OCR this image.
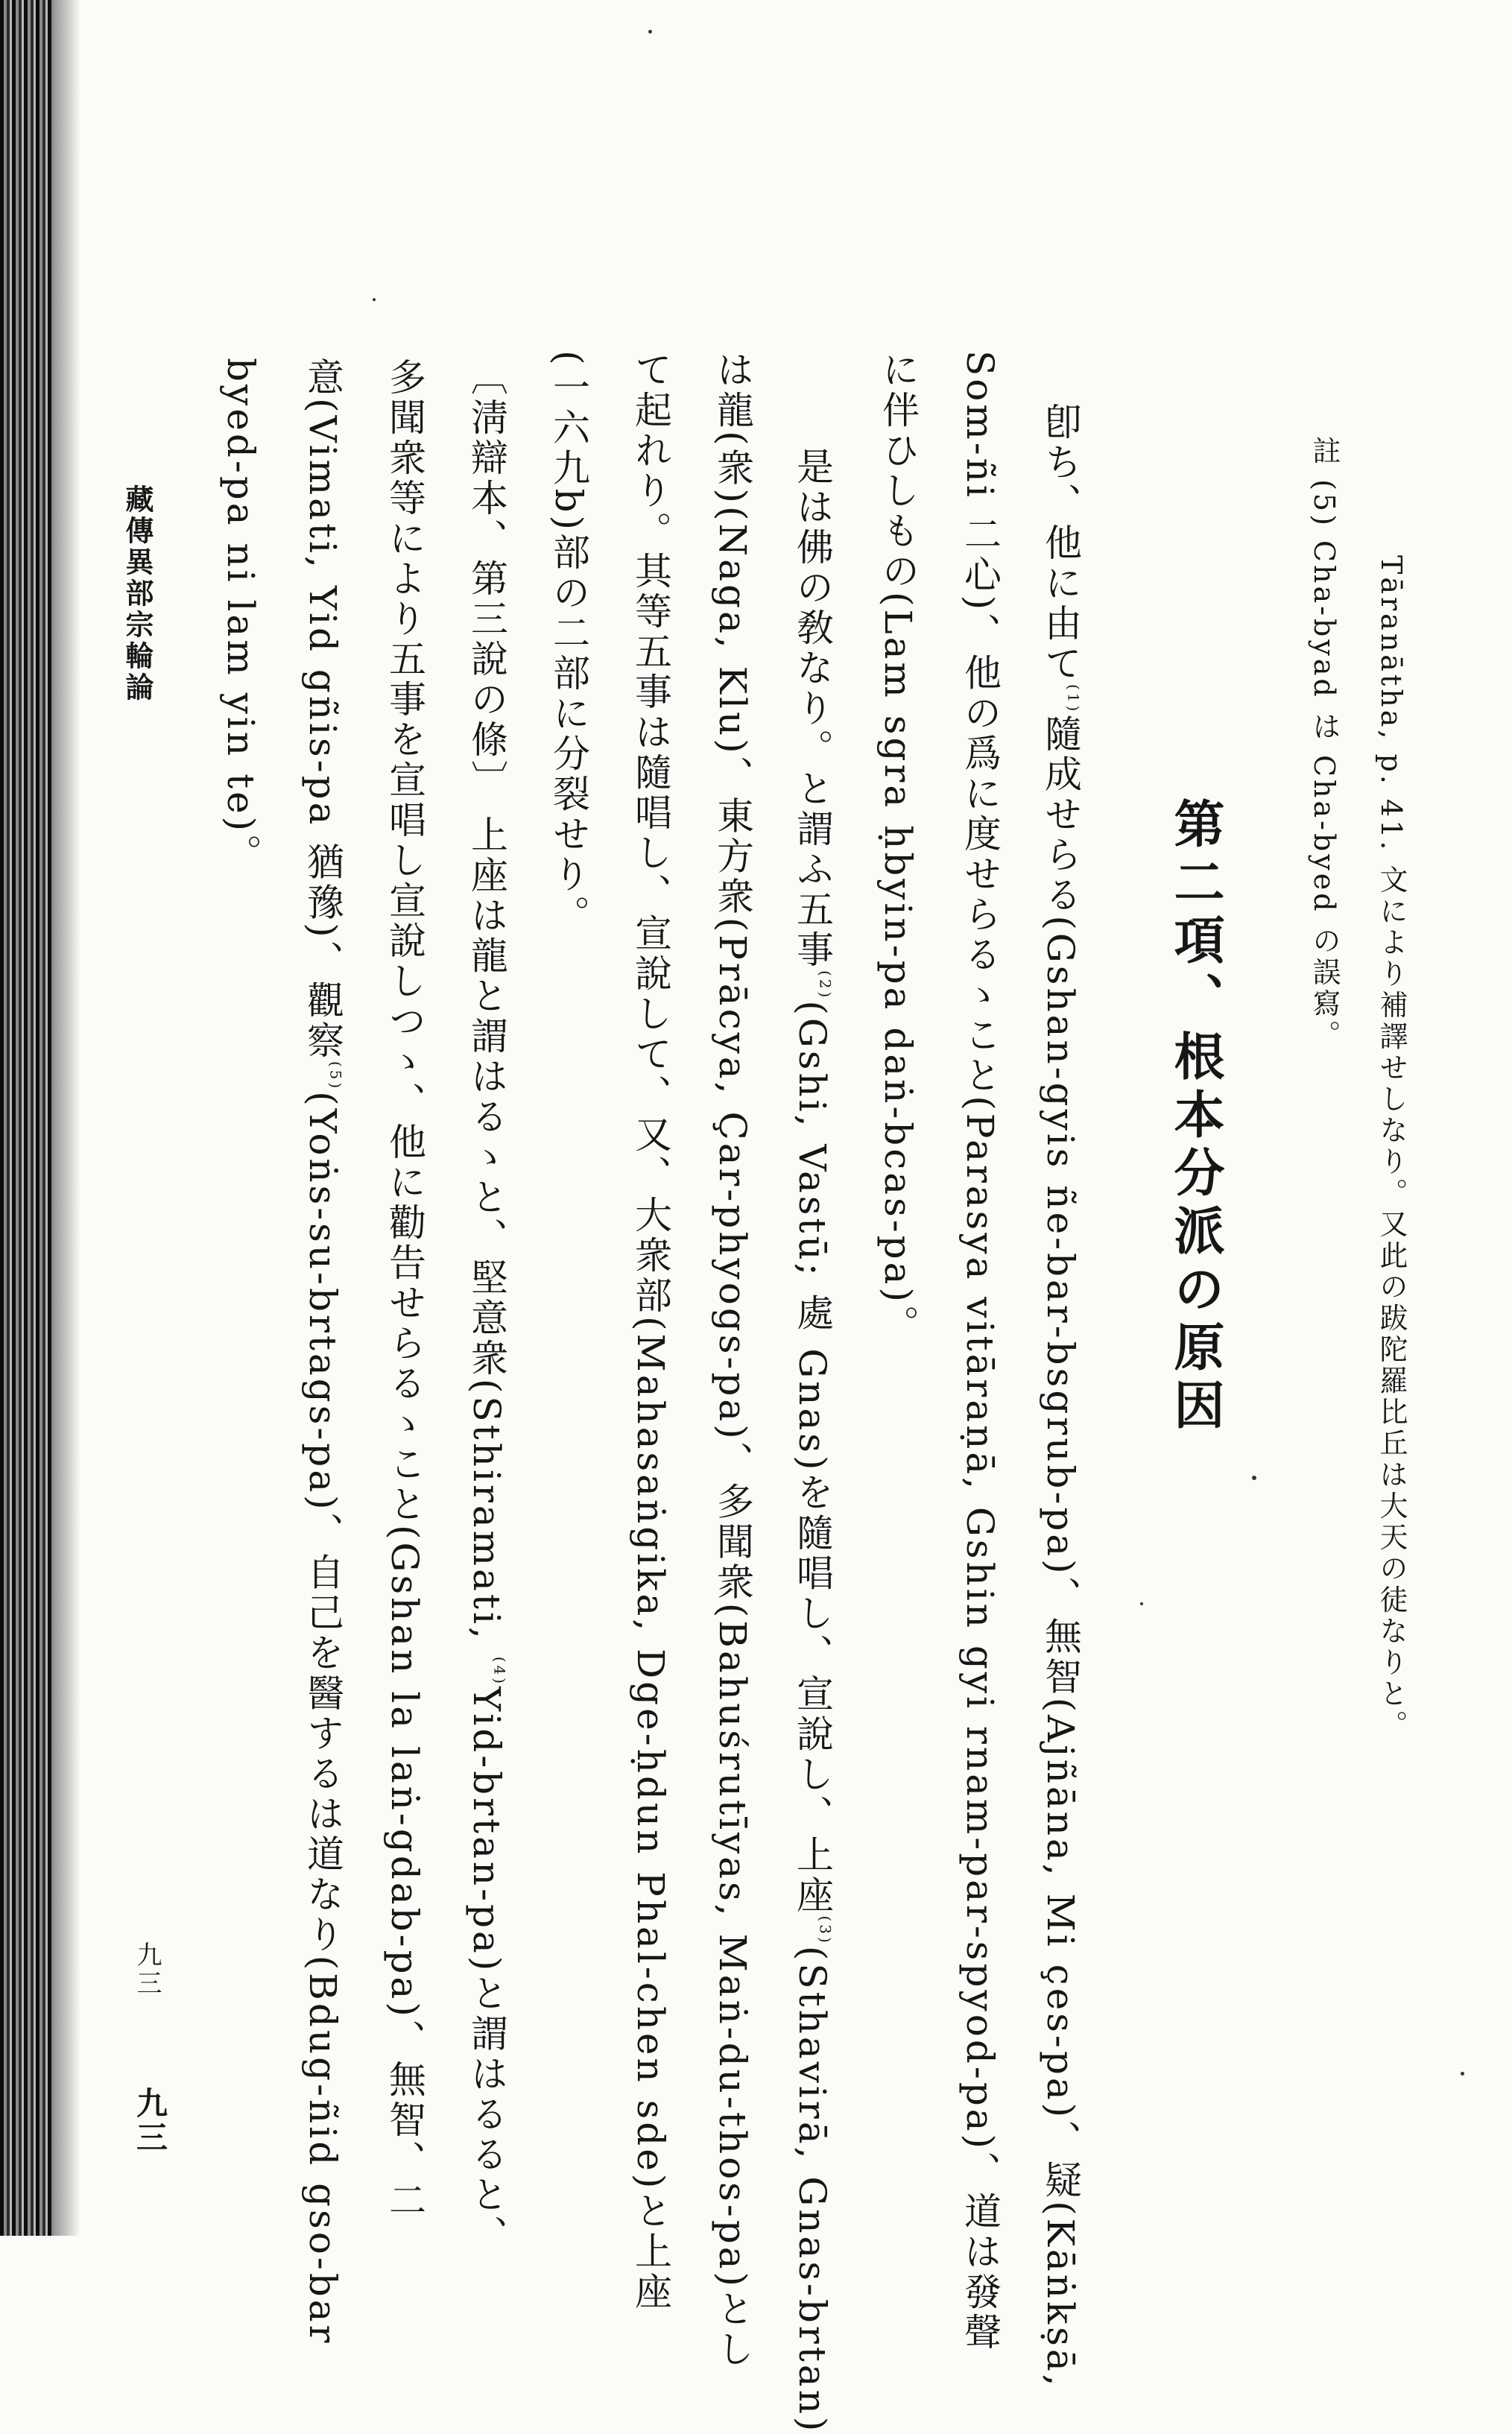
Tāranātha, p. 41. 文により補譯せしなり。又此の跋陀羅比丘は大天の徒なりと。
註 (5) Cha-byad は Cha-byed の誤寫。
第二項、根本分派の原因
卽ち、他に由て$^{(1)}$隨成せらる(Gshan-gyis ñe-bar-bsgrub-pa)、無智(Ajñāna, Mi çes-pa)、疑(Kāṅkṣā,
Som-ñi 二心)、他の爲に度せらるゝこと(Parasya vitāraṇā, Gshin gyi rnam-par-spyod-pa)、道は發聲
に伴ひしもの(Lam sgra ḥbyin-pa daṅ-bcas-pa)。
是は佛の敎なり。と謂ふ五事$^{(2)}$(Gshi, Vastū; 處 Gnas)を隨唱し、宣說し、上座$^{(3)}$(Sthavirā, Gnas-brtan)
は龍(衆)(Naga, Klu)、東方衆(Prācya, Çar-phyogs-pa)、多聞衆(Bahuśrutīyas, Maṅ-du-thos-pa)とし
て起れり。其等五事は隨唱し、宣說して、又、大衆部(Mahasaṅgika, Dge-ḥdun Phal-chen sde)と上座
(一六九b)部の二部に分裂せり。
〔淸辯本、第三說の條〕 上座は龍と謂はるゝと、堅意衆(Sthiramati, $^{(4)}$Yid-brtan-pa)と謂はるると、
多聞衆等により五事を宣唱し宣說しつゝ、他に勸告せらるゝこと(Gshan la laṅ-gdab-pa)、無智、二
意(Vimati, Yid gñis-pa 猶豫)、觀察$^{(5)}$(Yoṅs-su-brtags-pa)、自己を醫するは道なり(Bdug-ñid gso-bar
byed-pa ni lam yin te)。
藏傳異部宗輪論
九三
九三
